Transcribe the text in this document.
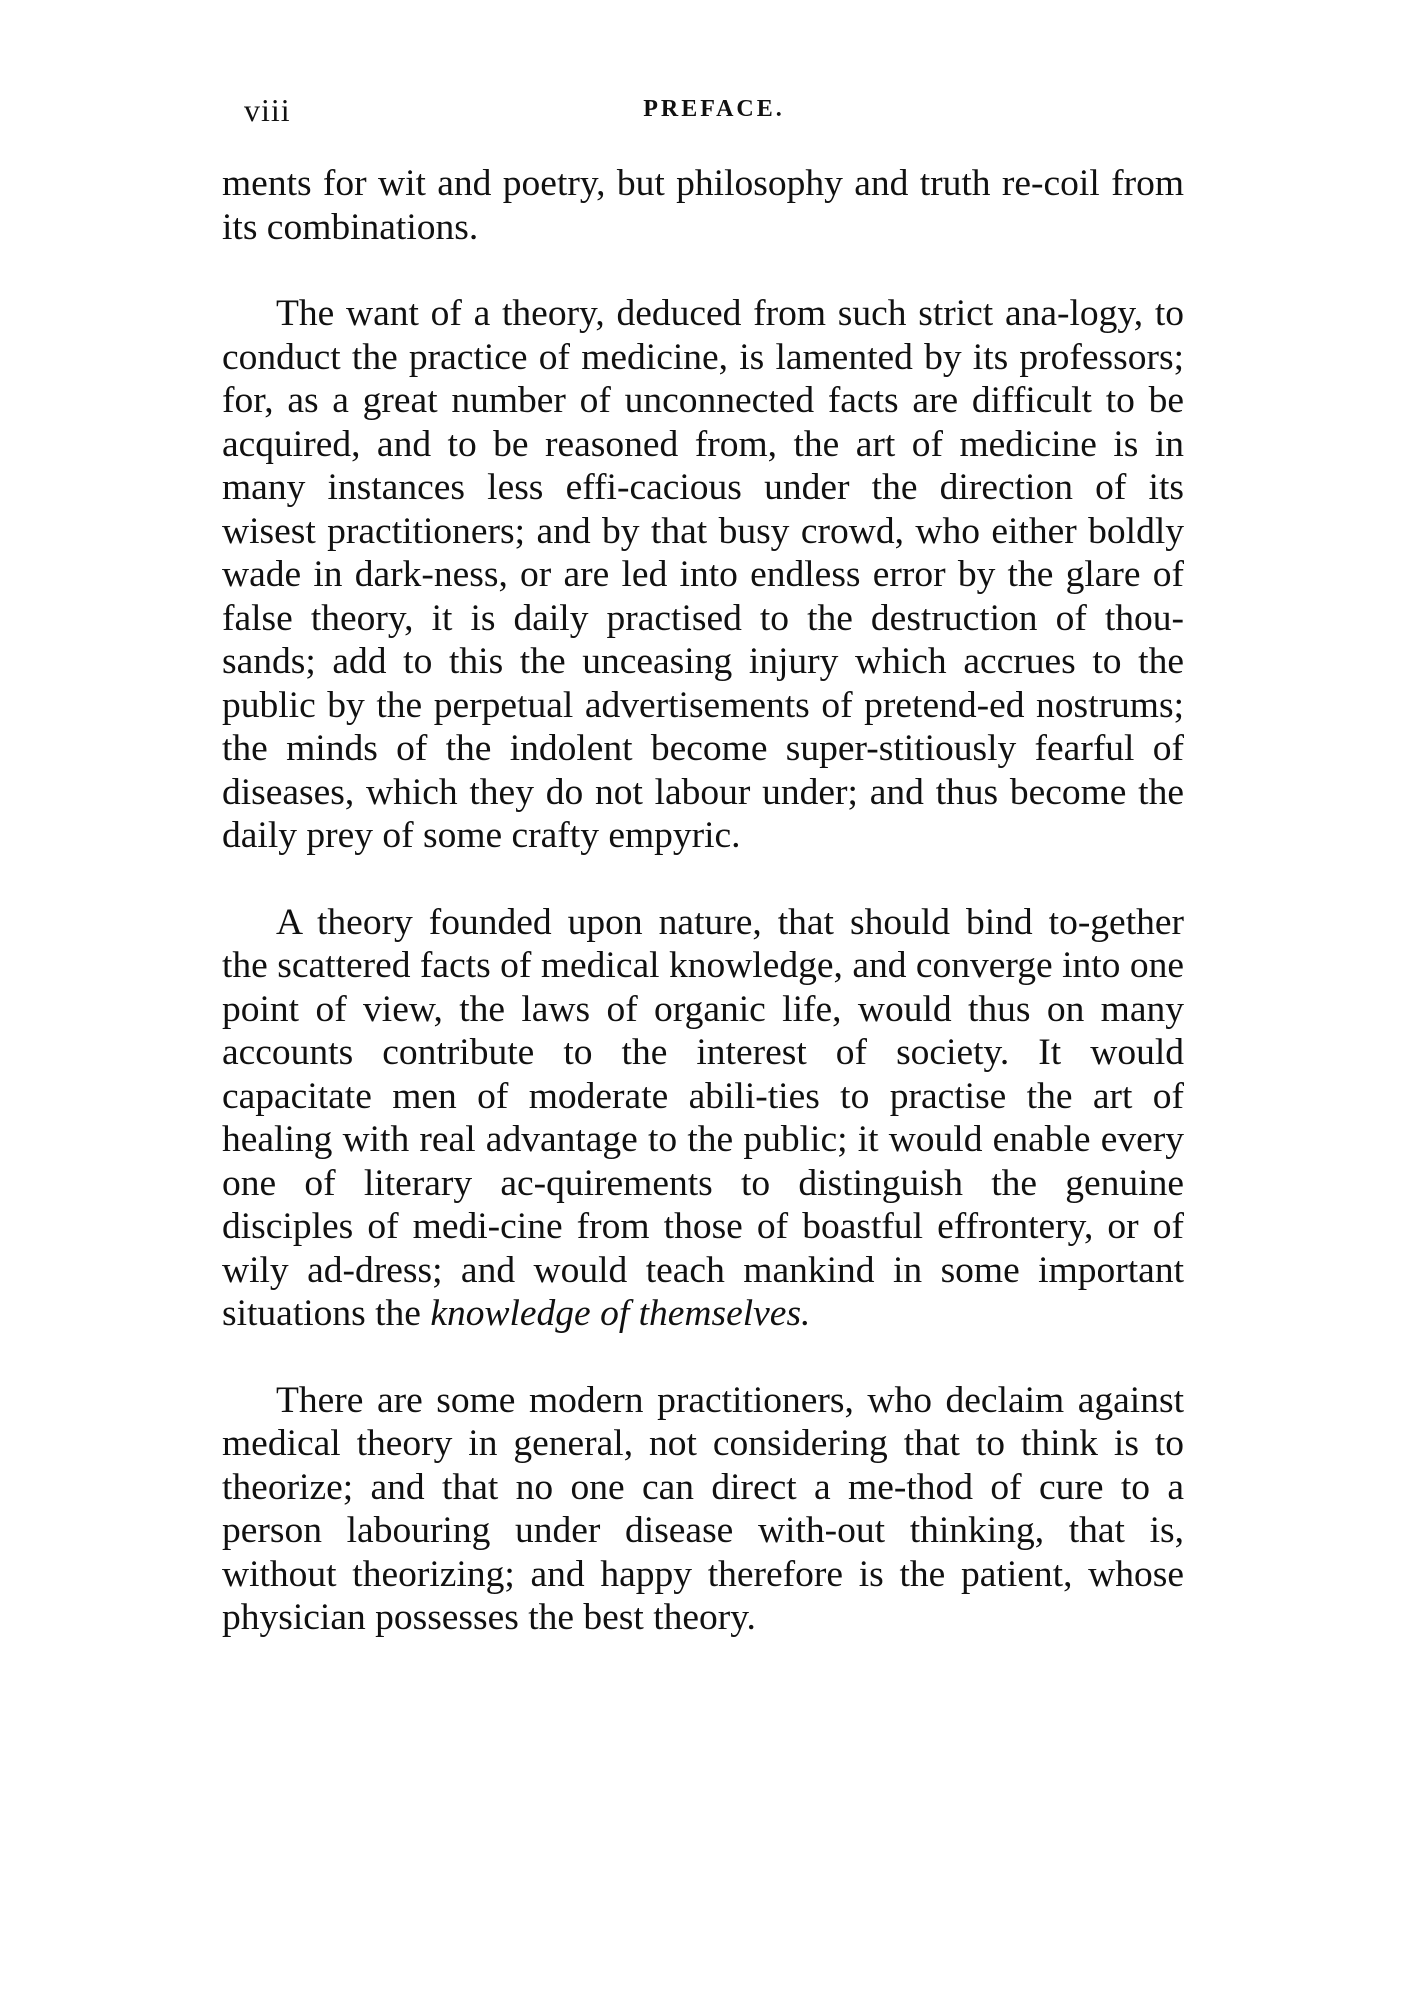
viii	PREFACE.

ments for wit and poetry, but philosophy and truth re-coil from its combinations.

The want of a theory, deduced from such strict ana-logy, to conduct the practice of medicine, is lamented by its professors; for, as a great number of unconnected facts are difficult to be acquired, and to be reasoned from, the art of medicine is in many instances less effi-cacious under the direction of its wisest practitioners; and by that busy crowd, who either boldly wade in dark-ness, or are led into endless error by the glare of false theory, it is daily practised to the destruction of thou-sands; add to this the unceasing injury which accrues to the public by the perpetual advertisements of pretend-ed nostrums; the minds of the indolent become super-stitiously fearful of diseases, which they do not labour under; and thus become the daily prey of some crafty empyric.

A theory founded upon nature, that should bind to-gether the scattered facts of medical knowledge, and converge into one point of view, the laws of organic life, would thus on many accounts contribute to the interest of society. It would capacitate men of moderate abili-ties to practise the art of healing with real advantage to the public; it would enable every one of literary ac-quirements to distinguish the genuine disciples of medi-cine from those of boastful effrontery, or of wily ad-dress; and would teach mankind in some important situations the knowledge of themselves.

There are some modern practitioners, who declaim against medical theory in general, not considering that to think is to theorize; and that no one can direct a me-thod of cure to a person labouring under disease with-out thinking, that is, without theorizing; and happy therefore is the patient, whose physician possesses the best theory.
